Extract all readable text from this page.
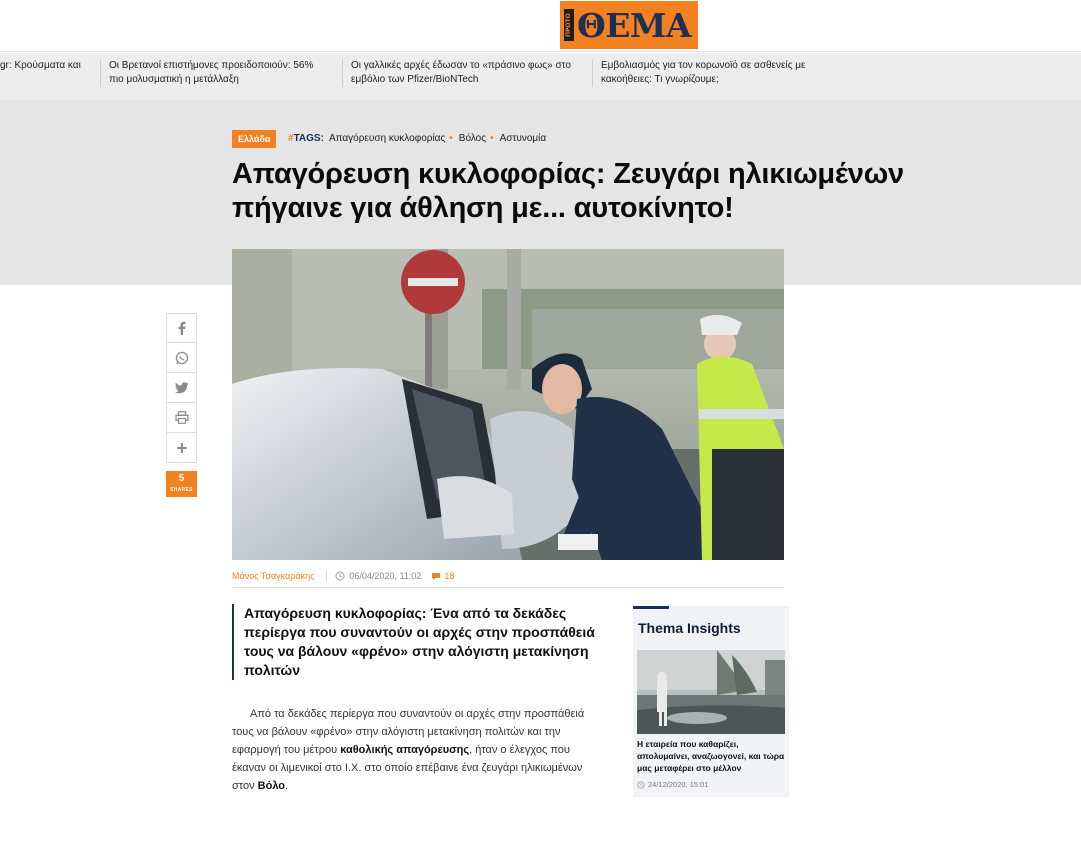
ΠΡΩΤΟ ΘΕΜΑ
gr: Κρούσματα και	Οι Βρετανοί επιστήμονες προειδοποιούν: 56% πιο μολυσματική η μετάλλαξη
Οι γαλλικές αρχές έδωσαν το «πράσινο φως» στο εμβόλιο των Pfizer/BioNTech
Εμβολιασμός για τον κορωνοϊό σε ασθενείς με κακοήθειες: Τι γνωρίζουμε;
Ελλάδα	#TAGS: Απαγόρευση κυκλοφορίας • Βόλος • Αστυνομία
Απαγόρευση κυκλοφορίας: Ζευγάρι ηλικιωμένων
πήγαινε για άθληση με... αυτοκίνητο!
5
SHARES
Μάνος Τσαγκαράκης	06/04/2020, 11:02	18

Απαγόρευση κυκλοφορίας: Ένα από τα δεκάδες περίεργα που συναντούν οι αρχές στην προσπάθειά τους να βάλουν «φρένο» στην αλόγιστη μετακίνηση πολιτών

Από τα δεκάδες περίεργα που συναντούν οι αρχές στην προσπάθειά τους να βάλουν «φρένο» στην αλόγιστη μετακίνηση πολιτών και την εφαρμογή του μέτρου καθολικής απαγόρευσης, ήταν ο έλεγχος που έκαναν οι λιμενικοί στο Ι.Χ. στο οποίο επέβαινε ένα ζευγάρι ηλικιωμένων στον Βόλο.

Thema Insights
Η εταιρεία που καθαρίζει, απολυμαίνει, αναζωογονεί, και τώρα μας μεταφέρει στο μέλλον
24/12/2020, 15:01
